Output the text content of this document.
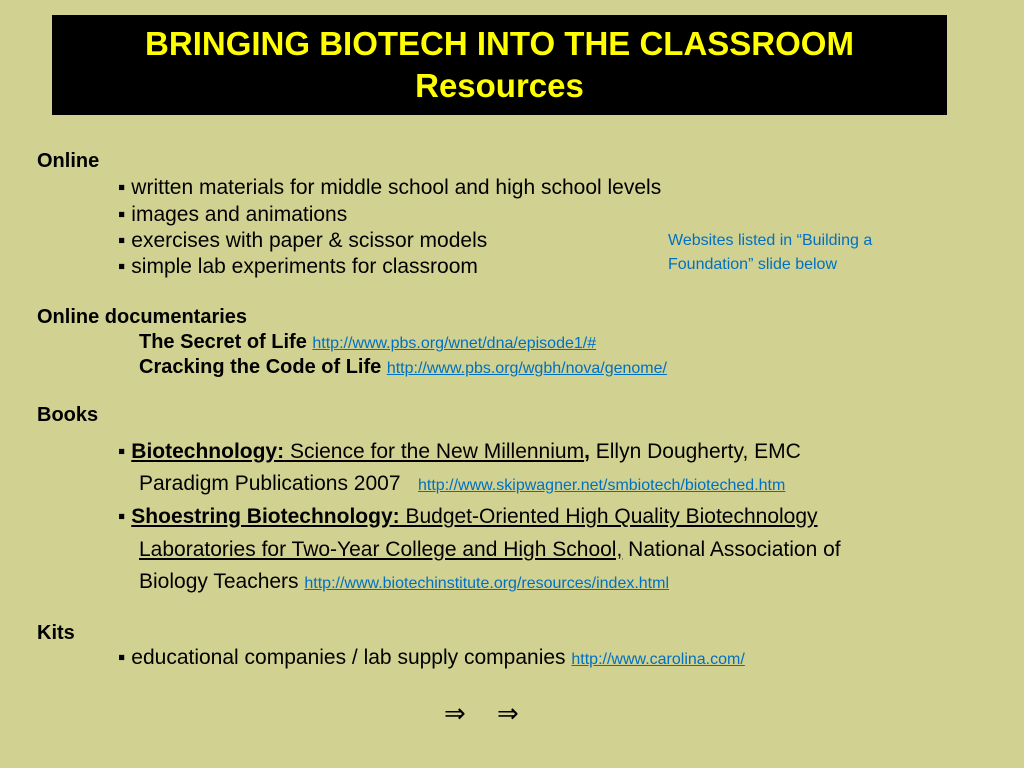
BRINGING BIOTECH INTO THE CLASSROOM
Resources
Online
▪ written materials for middle school and high school levels
▪ images and animations
▪ exercises with paper & scissor models
▪ simple lab experiments for classroom
Websites listed in “Building a Foundation” slide below
Online documentaries
The Secret of Life http://www.pbs.org/wnet/dna/episode1/#
Cracking the Code of Life http://www.pbs.org/wgbh/nova/genome/
Books
▪ Biotechnology: Science for the New Millennium, Ellyn Dougherty, EMC
Paradigm Publications 2007 http://www.skipwagner.net/smbiotech/bioteched.htm
▪ Shoestring Biotechnology: Budget-Oriented High Quality Biotechnology
Laboratories for Two-Year College and High School, National Association of
Biology Teachers http://www.biotechinstitute.org/resources/index.html
Kits
▪ educational companies / lab supply companies http://www.carolina.com/
⇒ ⇒
